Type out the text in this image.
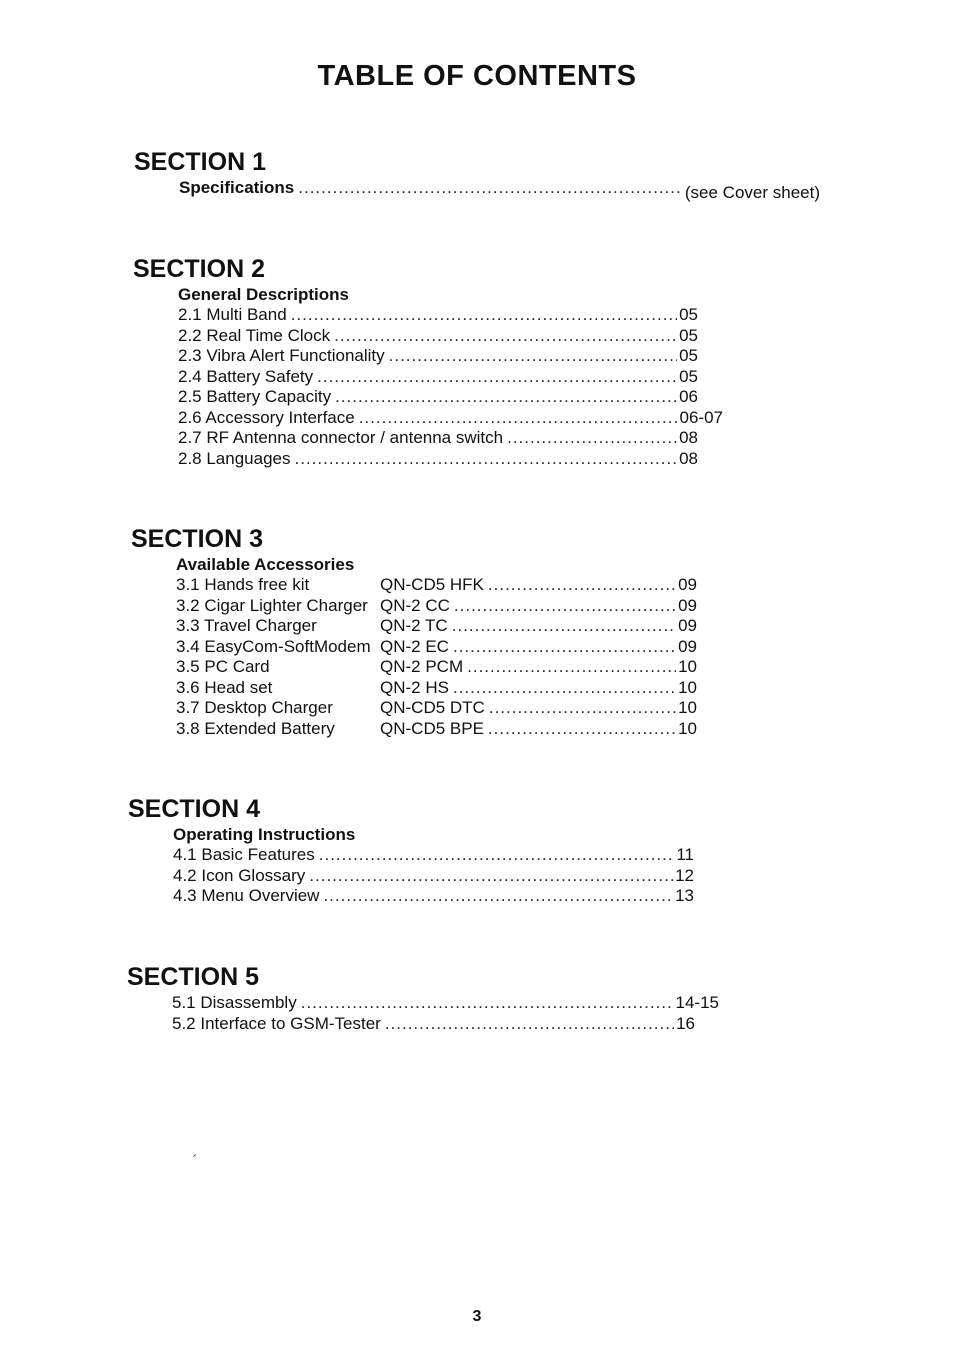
TABLE OF CONTENTS
SECTION 1
Specifications .....	(see Cover sheet)
SECTION 2
General Descriptions
2.1 Multi Band .....	05
2.2 Real Time Clock .....	05
2.3 Vibra Alert Functionality .....	05
2.4 Battery Safety .....	05
2.5 Battery Capacity .....	06
2.6 Accessory Interface .....	06-07
2.7 RF Antenna connector / antenna switch .....	08
2.8 Languages .....	08
SECTION 3
Available Accessories
3.1 Hands free kit	QN-CD5 HFK .....	09
3.2 Cigar Lighter Charger QN-2 CC .....	09
3.3 Travel Charger	QN-2 TC .....	09
3.4 EasyCom-SoftModem QN-2 EC .....	09
3.5 PC Card	QN-2 PCM .....	10
3.6 Head set	QN-2 HS .....	10
3.7 Desktop Charger	QN-CD5 DTC .....	10
3.8 Extended Battery	QN-CD5 BPE .....	10
SECTION 4
Operating Instructions
4.1 Basic Features .....	11
4.2 Icon Glossary .....	12
4.3 Menu Overview .....	13
SECTION 5
5.1 Disassembly .....	14-15
5.2 Interface to GSM-Tester .....	16
3
